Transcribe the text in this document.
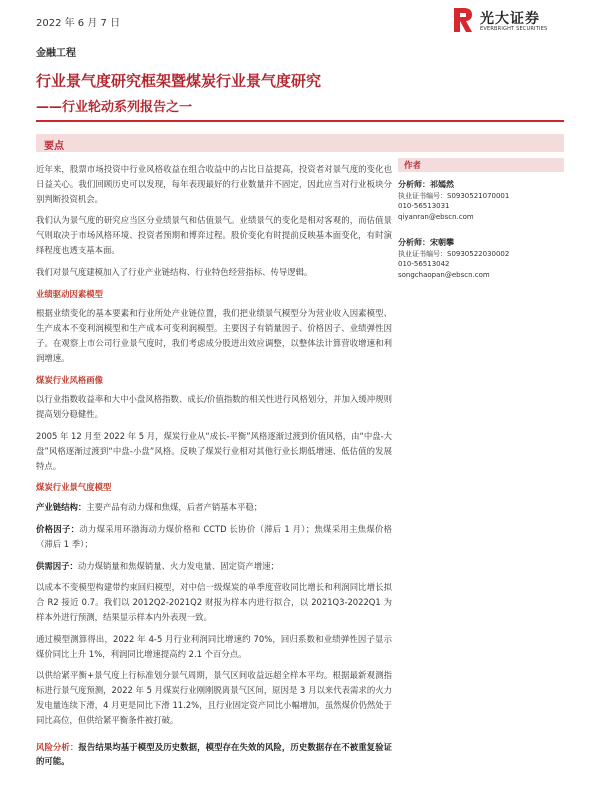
2022 年 6 月 7 日	光大证券
EVERBRIGHT SECURITIES
金融工程
行业景气度研究框架暨煤炭行业景气度研究
——行业轮动系列报告之一
要点

近年来，股票市场投资中行业风格收益在组合收益中的占比日益提高，投资者对景气度的变化也日益关心。我们回顾历史可以发现，每年表现最好的行业数量并不固定，因此应当对行业板块分别判断投资机会。

我们认为景气度的研究应当区分业绩景气和估值景气。业绩景气的变化是相对客观的，而估值景气则取决于市场风格环境、投资者预期和博弈过程。股价变化有时提前反映基本面变化，有时演绎程度也透支基本面。

我们对景气度建模加入了行业产业链结构、行业特色经营指标、传导逻辑。

业绩驱动因素模型

根据业绩变化的基本要素和行业所处产业链位置，我们把业绩景气模型分为营业收入因素模型、生产成本不变利润模型和生产成本可变利润模型。主要因子有销量因子、价格因子、业绩弹性因子。在观察上市公司行业景气度时，我们考虑成分股进出效应调整，以整体法计算营收增速和利润增速。

煤炭行业风格画像

以行业指数收益率和大中小盘风格指数、成长/价值指数的相关性进行风格划分，并加入缓冲规则提高划分稳健性。

2005 年 12 月至 2022 年 5 月，煤炭行业从“成长-平衡”风格逐渐过渡到价值风格，由“中盘-大盘”风格逐渐过渡到“中盘-小盘”风格。反映了煤炭行业相对其他行业长期低增速、低估值的发展特点。

煤炭行业景气度模型

产业链结构：主要产品有动力煤和焦煤，后者产销基本平稳；

价格因子：动力煤采用环渤海动力煤价格和 CCTD 长协价（滞后 1 月）；焦煤采用主焦煤价格（滞后 1 季）；

供需因子：动力煤销量和焦煤销量、火力发电量、固定资产增速；

以成本不变模型构建带约束回归模型，对中信一级煤炭的单季度营收同比增长和利润同比增长拟合 R2 接近 0.7。我们以 2012Q2-2021Q2 财报为样本内进行拟合，以 2021Q3-2022Q1 为样本外进行预测，结果显示样本内外表现一致。

通过模型测算得出，2022 年 4-5 月行业利润同比增速约 70%，回归系数和业绩弹性因子显示煤价同比上升 1%，利润同比增速提高约 2.1 个百分点。

以供给紧平衡+景气度上行标准划分景气周期，景气区间收益远超全样本平均。根据最新观测指标进行景气度预测，2022 年 5 月煤炭行业刚刚脱离景气区间，原因是 3 月以来代表需求的火力发电量连续下滑，4 月更是同比下滑 11.2%，且行业固定资产同比小幅增加，虽然煤价仍然处于同比高位，但供给紧平衡条件被打破。

风险分析：报告结果均基于模型及历史数据，模型存在失效的风险，历史数据存在不被重复验证的可能。

作者
分析师：祁嫣然
执业证书编号：S0930521070001
010-56513031
qiyanran@ebscn.com
分析师：宋朝攀
执业证书编号：S0930522030002
010-56513042
songchaopan@ebscn.com
